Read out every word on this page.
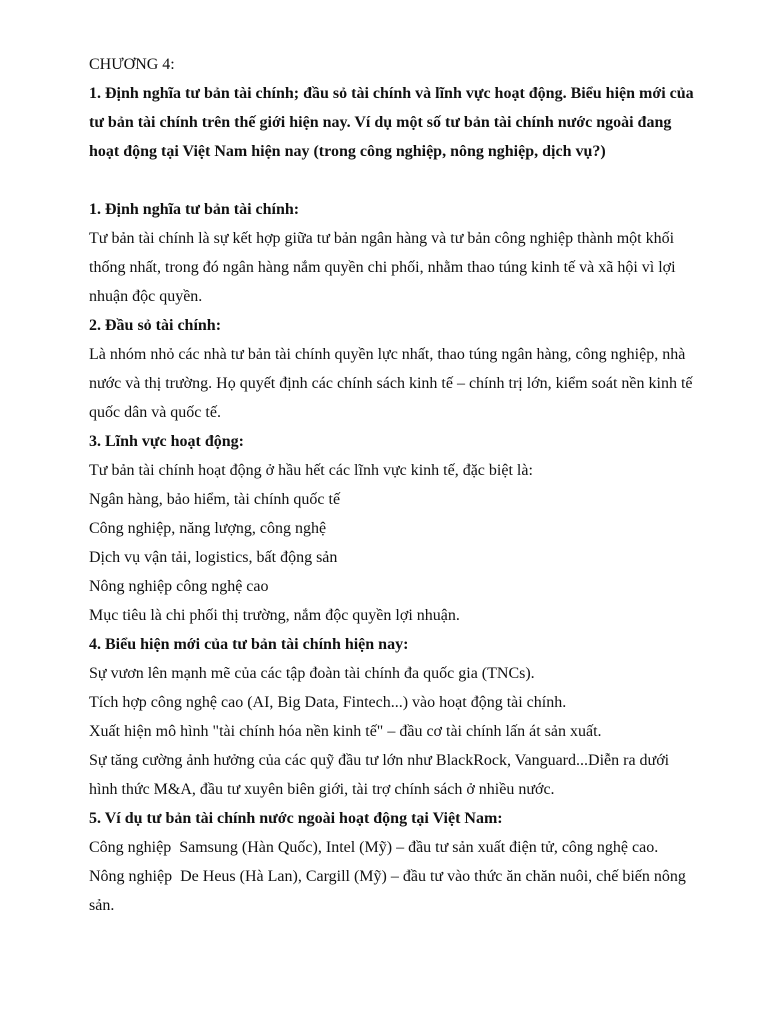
CHƯƠNG 4:

1. Định nghĩa tư bản tài chính; đầu sỏ tài chính và lĩnh vực hoạt động. Biểu hiện mới của

tư bản tài chính trên thế giới hiện nay. Ví dụ một số tư bản tài chính nước ngoài đang

hoạt động tại Việt Nam hiện nay (trong công nghiệp, nông nghiệp, dịch vụ?)

1. Định nghĩa tư bản tài chính:

Tư bản tài chính là sự kết hợp giữa tư bản ngân hàng và tư bản công nghiệp thành một khối

thống nhất, trong đó ngân hàng nắm quyền chi phối, nhằm thao túng kinh tế và xã hội vì lợi

nhuận độc quyền.

2. Đầu sỏ tài chính:

Là nhóm nhỏ các nhà tư bản tài chính quyền lực nhất, thao túng ngân hàng, công nghiệp, nhà

nước và thị trường. Họ quyết định các chính sách kinh tế – chính trị lớn, kiểm soát nền kinh tế

quốc dân và quốc tế.

3. Lĩnh vực hoạt động:

Tư bản tài chính hoạt động ở hầu hết các lĩnh vực kinh tế, đặc biệt là:

Ngân hàng, bảo hiểm, tài chính quốc tế

Công nghiệp, năng lượng, công nghệ

Dịch vụ vận tải, logistics, bất động sản

Nông nghiệp công nghệ cao

Mục tiêu là chi phối thị trường, nắm độc quyền lợi nhuận.

4. Biểu hiện mới của tư bản tài chính hiện nay:

Sự vươn lên mạnh mẽ của các tập đoàn tài chính đa quốc gia (TNCs).

Tích hợp công nghệ cao (AI, Big Data, Fintech...) vào hoạt động tài chính.

Xuất hiện mô hình "tài chính hóa nền kinh tế" – đầu cơ tài chính lấn át sản xuất.

Sự tăng cường ảnh hưởng của các quỹ đầu tư lớn như BlackRock, Vanguard...Diễn ra dưới

hình thức M&A, đầu tư xuyên biên giới, tài trợ chính sách ở nhiều nước.

5. Ví dụ tư bản tài chính nước ngoài hoạt động tại Việt Nam:

Công nghiệp  Samsung (Hàn Quốc), Intel (Mỹ) – đầu tư sản xuất điện tử, công nghệ cao.

Nông nghiệp  De Heus (Hà Lan), Cargill (Mỹ) – đầu tư vào thức ăn chăn nuôi, chế biến nông

sản.
